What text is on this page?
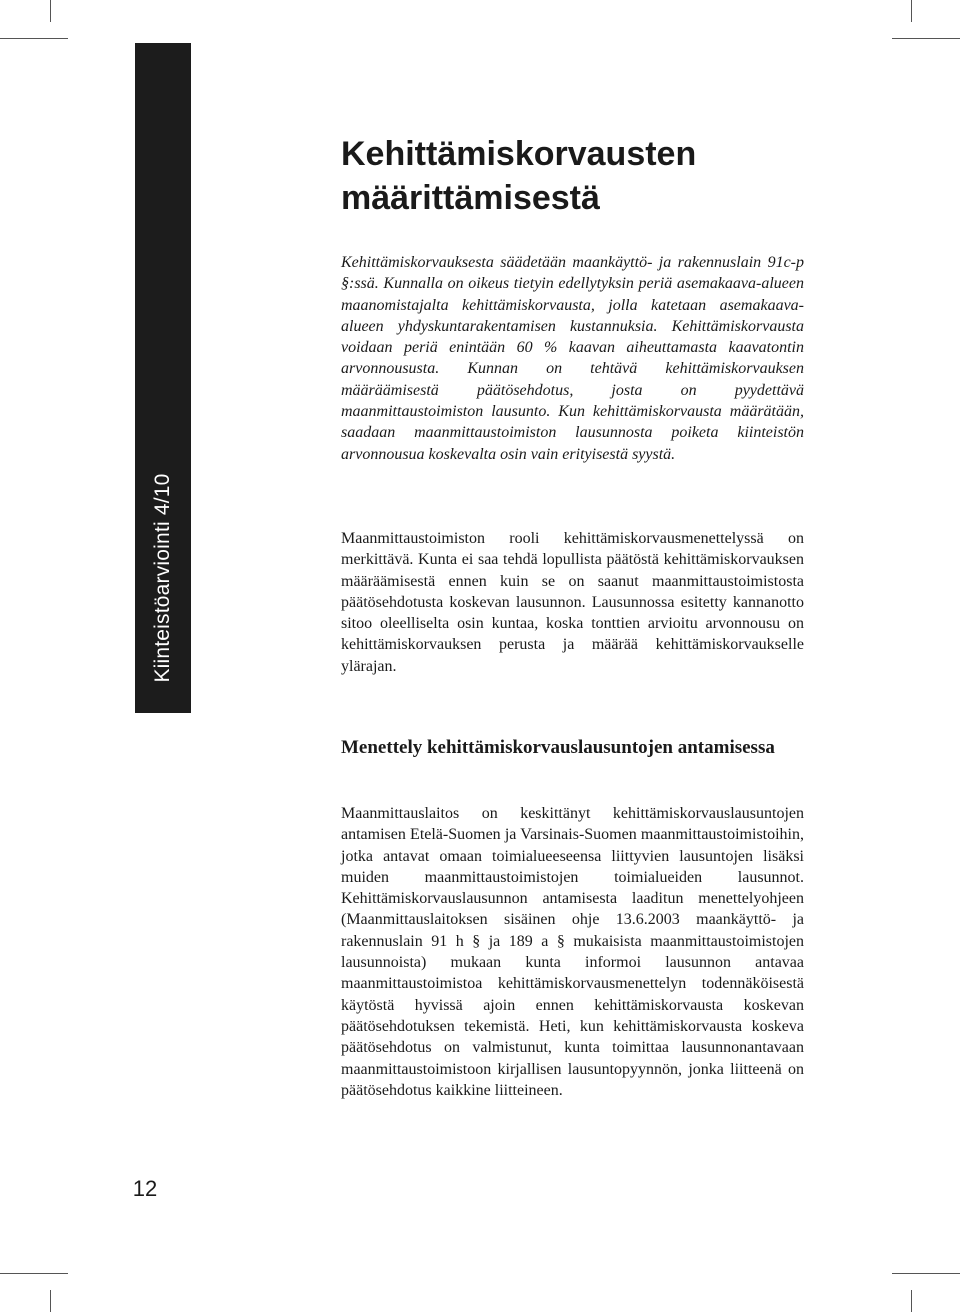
Kiinteistöarviointi 4/10
Kehittämiskorvausten
määrittämisestä

Kehittämiskorvauksesta säädetään maankäyttö- ja rakennuslain 91c-p §:ssä. Kunnalla on oikeus tietyin edellytyksin periä asemakaava-alueen maanomistajalta kehittämiskorvausta, jolla katetaan asemakaava-alueen yhdyskuntarakentamisen kustannuksia. Kehittämiskorvausta voidaan periä enintään 60 % kaavan aiheuttamasta kaavatontin arvonnoususta. Kunnan on tehtävä kehittämiskorvauksen määräämisestä päätösehdotus, josta on pyydettävä maanmittaustoimiston lausunto. Kun kehittämiskorvausta määrätään, saadaan maanmittaustoimiston lausunnosta poiketa kiinteistön arvonnousua koskevalta osin vain erityisestä syystä.

Maanmittaustoimiston rooli kehittämiskorvausmenettelyssä on merkittävä. Kunta ei saa tehdä lopullista päätöstä kehittämiskorvauksen määräämisestä ennen kuin se on saanut maanmittaustoimistosta päätösehdotusta koskevan lausunnon. Lausunnossa esitetty kannanotto sitoo oleelliselta osin kuntaa, koska tonttien arvioitu arvonnousu on kehittämiskorvauksen perusta ja määrää kehittämiskorvaukselle ylärajan.

Menettely kehittämiskorvauslausuntojen antamisessa

Maanmittauslaitos on keskittänyt kehittämiskorvauslausuntojen antamisen Etelä-Suomen ja Varsinais-Suomen maanmittaustoimistoihin, jotka antavat omaan toimialueeseensa liittyvien lausuntojen lisäksi muiden maanmittaustoimistojen toimialueiden lausunnot. Kehittämiskorvauslausunnon antamisesta laaditun menettelyohjeen (Maanmittauslaitoksen sisäinen ohje 13.6.2003 maankäyttö- ja rakennuslain 91 h § ja 189 a § mukaisista maanmittaustoimistojen lausunnoista) mukaan kunta informoi lausunnon antavaa maanmittaustoimistoa kehittämiskorvausmenettelyn todennäköisestä käytöstä hyvissä ajoin ennen kehittämiskorvausta koskevan päätösehdotuksen tekemistä. Heti, kun kehittämiskorvausta koskeva päätösehdotus on valmistunut, kunta toimittaa lausunnonantavaan maanmittaustoimistoon kirjallisen lausuntopyynnön, jonka liitteenä on päätösehdotus kaikkine liitteineen.

12
